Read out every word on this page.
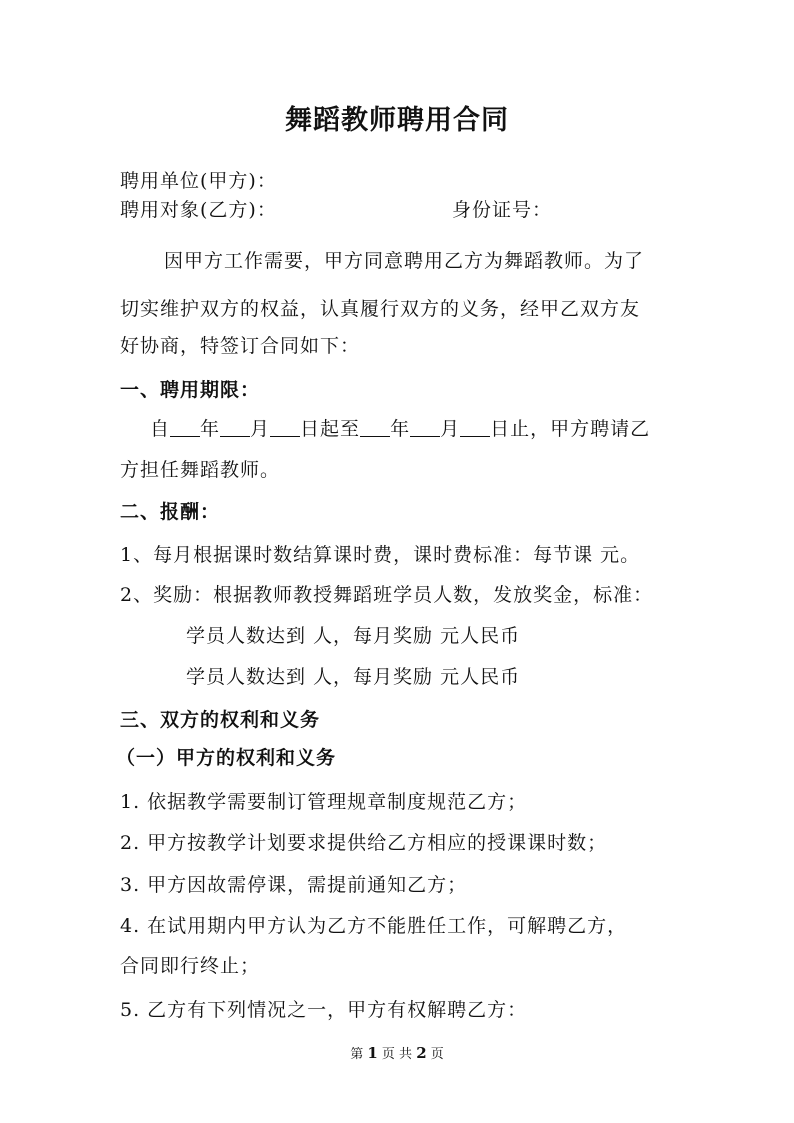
舞蹈教师聘用合同
聘用单位(甲方)：
聘用对象(乙方)：	身份证号：
因甲方工作需要，甲方同意聘用乙方为舞蹈教师。为了
切实维护双方的权益，认真履行双方的义务，经甲乙双方友
好协商，特签订合同如下：
一、聘用期限：
自 年 月 日起至 年 月 日止，甲方聘请乙
方担任舞蹈教师。
二、报酬：
1、每月根据课时数结算课时费，课时费标准：每节课 元。
2、奖励：根据教师教授舞蹈班学员人数，发放奖金，标准：
学员人数达到 人，每月奖励 元人民币
学员人数达到 人，每月奖励 元人民币
三、双方的权利和义务
（一）甲方的权利和义务
1. 依据教学需要制订管理规章制度规范乙方；
2. 甲方按教学计划要求提供给乙方相应的授课课时数；
3. 甲方因故需停课，需提前通知乙方；
4. 在试用期内甲方认为乙方不能胜任工作，可解聘乙方，
合同即行终止；
5. 乙方有下列情况之一，甲方有权解聘乙方：
第 1 页 共 2 页
